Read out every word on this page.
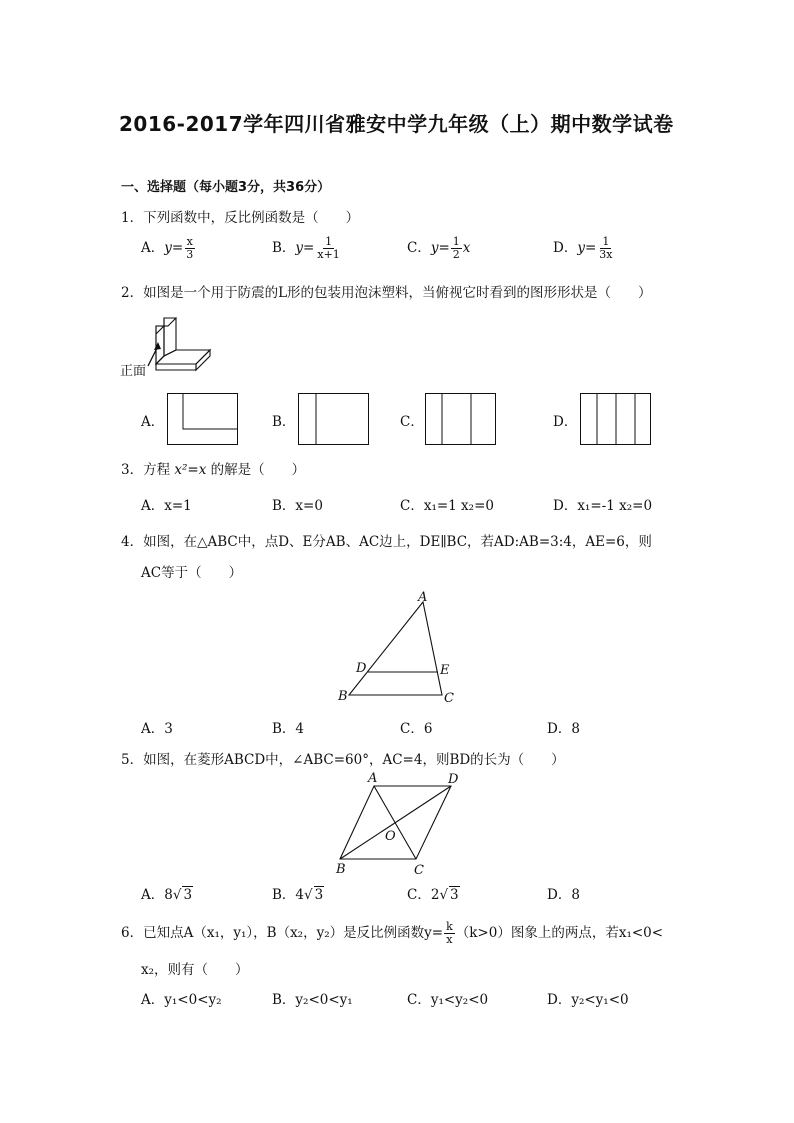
2016-2017学年四川省雅安中学九年级（上）期中数学试卷
一、选择题（每小题3分，共36分）
1．下列函数中，反比例函数是（　　）
A．$y= \frac{x}{3}$	B．$y= \frac{1}{x+1}$	C．$y= \frac{1}{2}$ x	D．$y= \frac{1}{3x}$
2．如图是一个用于防震的L形的包装用泡沫塑料，当俯视它时看到的图形形状是（　　）
正面
A．	B．	C．	D．
3．方程 x²=x 的解是（　　）
A．x=1	B．x=0	C．x₁=1 x₂=0	D．x₁=-1 x₂=0
4．如图，在△ABC中，点D、E分AB、AC边上，DE∥BC，若AD:AB=3:4，AE=6，则
AC等于（　　）
A
B	C
D	E
A．3	B．4	C．6	D．8
5．如图，在菱形ABCD中，∠ABC=60°，AC=4，则BD的长为（　　）
A	D
B	C
O
A．8√ 3	B．4√ 3	C．2√ 3	D．8
6．已知点A（x₁，y₁），B（x₂，y₂）是反比例函数$y= \frac{k}{x} (k>0)$图象上的两点，若x₁<0<
x₂，则有（　　）
A．y₁<0<y₂	B．y₂<0<y₁	C．y₁<y₂<0	D．y₂<y₁<0
